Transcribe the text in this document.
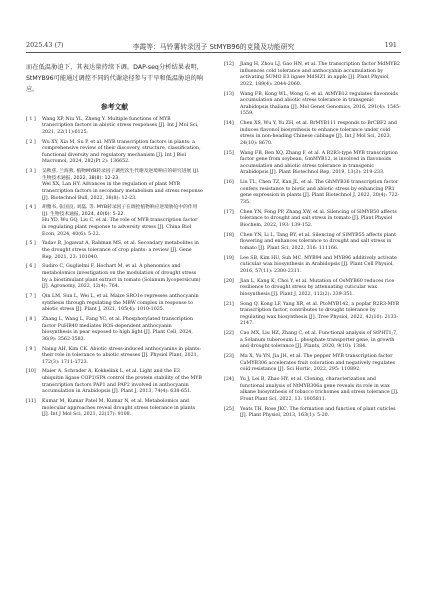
2025.43 (7)	李霞等：马铃薯转录因子 StMYB96的克隆及功能研究	191

而在低温胁迫下，其表达量持续下调。DAP-seq分析结果表明，StMYB96可能通过调控不同的代谢途径参与干旱和低温胁迫的响应。

参考文献
[ 1 ]	Wang XP, Niu YL, Zheng Y. Multiple functions of MYB transcription factors in abiotic stress responses [J]. Int J Mol Sci, 2021, 22(11):6125.
[ 2 ]	Wu XY, Xia M, Su P, et al. MYB transcription factors in plants: a comprehensive review of their discovery, structure, classification, functional diversity and regulatory mechanism [J]. Int J Biol Macromol, 2024, 282(Pt 2): 136652.
[ 3 ]	吴秋慈, 兰海燕. 植物MYB转录因子调控次生代谢及逆境响应的研究进展 [J]. 生物技术通报, 2022, 38(8): 12-23.
Wei XX, Lan HY. Advances in the regulation of plant MYB transcription factors in secondary metabolism and stress response [J]. Biotechnol Bull, 2022, 38(8): 12-23.
[ 4 ]	胡雅书, 张国良, 刘磊, 等. MYB转录因子在调控植物响应逆境胁迫中的作用 [J]. 生物技术通报, 2024, 40(6): 5-22.
Hu YD, Wu GQ, Liu C, et al. The role of MYB transcription factor in regulating plant response to adversity stress [J]. China Biol Econ, 2024, 40(6): 5-22.
[ 5 ]	Yadav B, Jogawat A, Rahman MS, et al. Secondary metabolites in the drought stress tolerance of crop plants: a review [J]. Gene Rep, 2021, 23: 101040.
[ 6 ]	Sudiro C, Guglielmi F, Hochart M, et al. A phenomics and metabolomics investigation on the modulation of drought stress by a biostimulant plant extract in tomato (Solanum lycopersicum) [J]. Agronomy, 2022, 12(4): 764.
[ 7 ]	Qin LM, Sun L, Wei L, et al. Maize SRO1e represses anthocyanin synthesis through regulating the MBW complex in response to abiotic stress [J]. Plant J, 2021, 105(4): 1010-1025.
[ 8 ]	Zhang L, Wang L, Fang YC, et al. Phosphorylated transcription factor PuHB40 mediates ROS-dependent anthocyanin biosynthesis in pear exposed to high light [J]. Plant Cell, 2024, 36(9): 3562-3583.
[ 9 ]	Naing AH, Kim CK. Abiotic stress-induced anthocyanins in plants: their role in tolerance to abiotic stresses [J]. Physiol Plant, 2021, 172(3): 1711-1723.
[10]	Maier A, Schrader A, Kokkelink L, et al. Light and the E3 ubiquitin ligase COP1/SPA control the protein stability of the MYB transcription factors PAP1 and PAP2 involved in anthocyanin accumulation in Arabidopsis [J]. Plant J, 2013, 74(4): 638-651.
[11]	Kumar M, Kumar Patel M, Kumar N, et al. Metabolomics and molecular approaches reveal drought stress tolerance in plants [J]. Int J Mol Sci, 2021, 22(17): 9108.
[12]	Jiang H, Zhou LJ, Gao HN, et al. The transcription factor MdMYB2 influences cold tolerance and anthocyanin accumulation by activating SUMO E3 ligase MdSIZ1 in apple [J]. Plant Physiol, 2022, 189(4): 2044-2060.
[13]	Wang FB, Kong WL, Wong G, et al. AtMYB12 regulates flavonoids accumulation and abiotic stress tolerance in transgenic Arabidopsis thaliana [J]. Mol Genet Genomics, 2016, 291(4): 1545-1559.
[14]	Chen XS, Wu Y, Yu ZH, et al. BrMYB111 responds to BrCBF2 and induces flavonol biosynthesis to enhance tolerance under cold stress in non-heading Chinese cabbage [J]. Int J Mol Sci, 2023, 24(10): 8670.
[15]	Wang FB, Ren XQ, Zhang F, et al. A R2R3-type MYB transcription factor gene from soybean, GmMYB12, is involved in flavonoids accumulation and abiotic stress tolerance in transgenic Arabidopsis [J]. Plant Biotechnol Rep, 2019, 13(3): 219-233.
[16]	Liu TL, Chen TZ, Kan JL, et al. The GhMYB36 transcription factor confers resistance to biotic and abiotic stress by enhancing PR1 gene expression in plants [J]. Plant Biotechnol J, 2022, 20(4): 722-735.
[17]	Chen YN, Feng PP, Zhang XW, et al. Silencing of SlMYB50 affects tolerance to drought and salt stress in tomato [J]. Plant Physiol Biochem, 2022, 193: 139-152.
[18]	Chen YN, Li L, Tang BY, et al. Silencing of SlMYB55 affects plant flowering and enhances tolerance to drought and salt stress in tomato [J]. Plant Sci, 2022, 316: 111166.
[19]	Lee SB, Kim HU, Suh MC. MYB94 and MYB96 additively activate cuticular wax biosynthesis in Arabidopsis [J]. Plant Cell Physiol, 2016, 57(11): 2300-2311.
[20]	Jian L, Kang K, Choi Y, et al. Mutation of OsMYB60 reduces rice resilience to drought stress by attenuating cuticular wax biosynthesis [J]. Plant J, 2022, 112(2): 339-351.
[21]	Song Q, Kong LF, Yang XR, et al. PtoMYB142, a poplar R2R3-MYB transcription factor, contributes to drought tolerance by regulating wax biosynthesis [J]. Tree Physiol, 2022, 42(10): 2133-2147.
[22]	Cao MX, Liu HZ, Zhang C, et al. Functional analysis of StPHT1;7, a Solanum tuberosum L. phosphate transporter gene, in growth and drought tolerance [J]. Plants, 2020, 9(10): 1384.
[23]	Ma X, Yu YN, Jia JH, et al. The pepper MYB transcription factor CaMYB306 accelerates fruit coloration and negatively regulates cold resistance [J]. Sci Hortic, 2022, 295: 110892.
[24]	Yu J, Lei B, Zhao HY, et al. Cloning, characterization and functional analysis of NtMYB306a gene reveals its role in wax alkane biosynthesis of tobacco trichomes and stress tolerance [J]. Front Plant Sci, 2022, 13: 1005811.
[25]	Yeats TH, Rose JKC. The formation and function of plant cuticles [J]. Plant Physiol, 2013, 163(1): 5-20.
